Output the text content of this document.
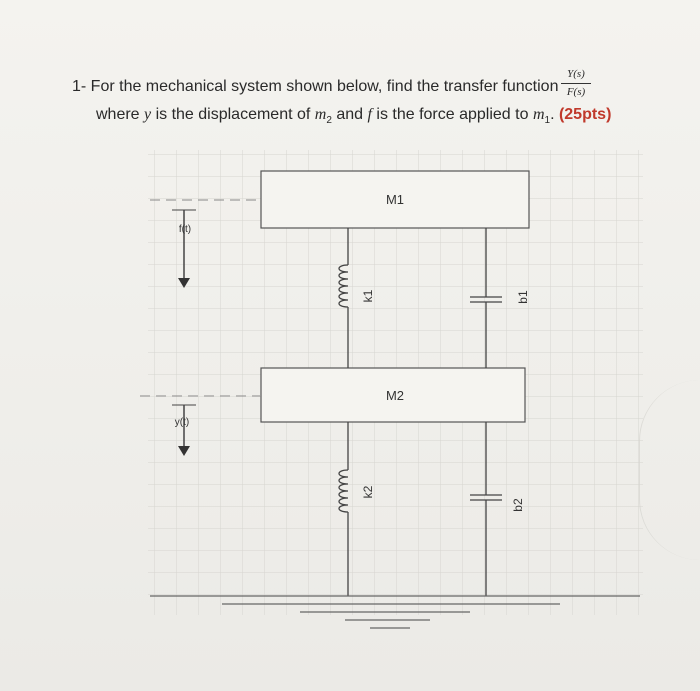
1- For the mechanical system shown below, find the transfer function
Y(s)
F(s)
where y is the displacement of $m_2$ and f is the force applied to $m_1$. (25pts)
f(t)
y(t)
M1
M2
k1
k2
b1
b2
